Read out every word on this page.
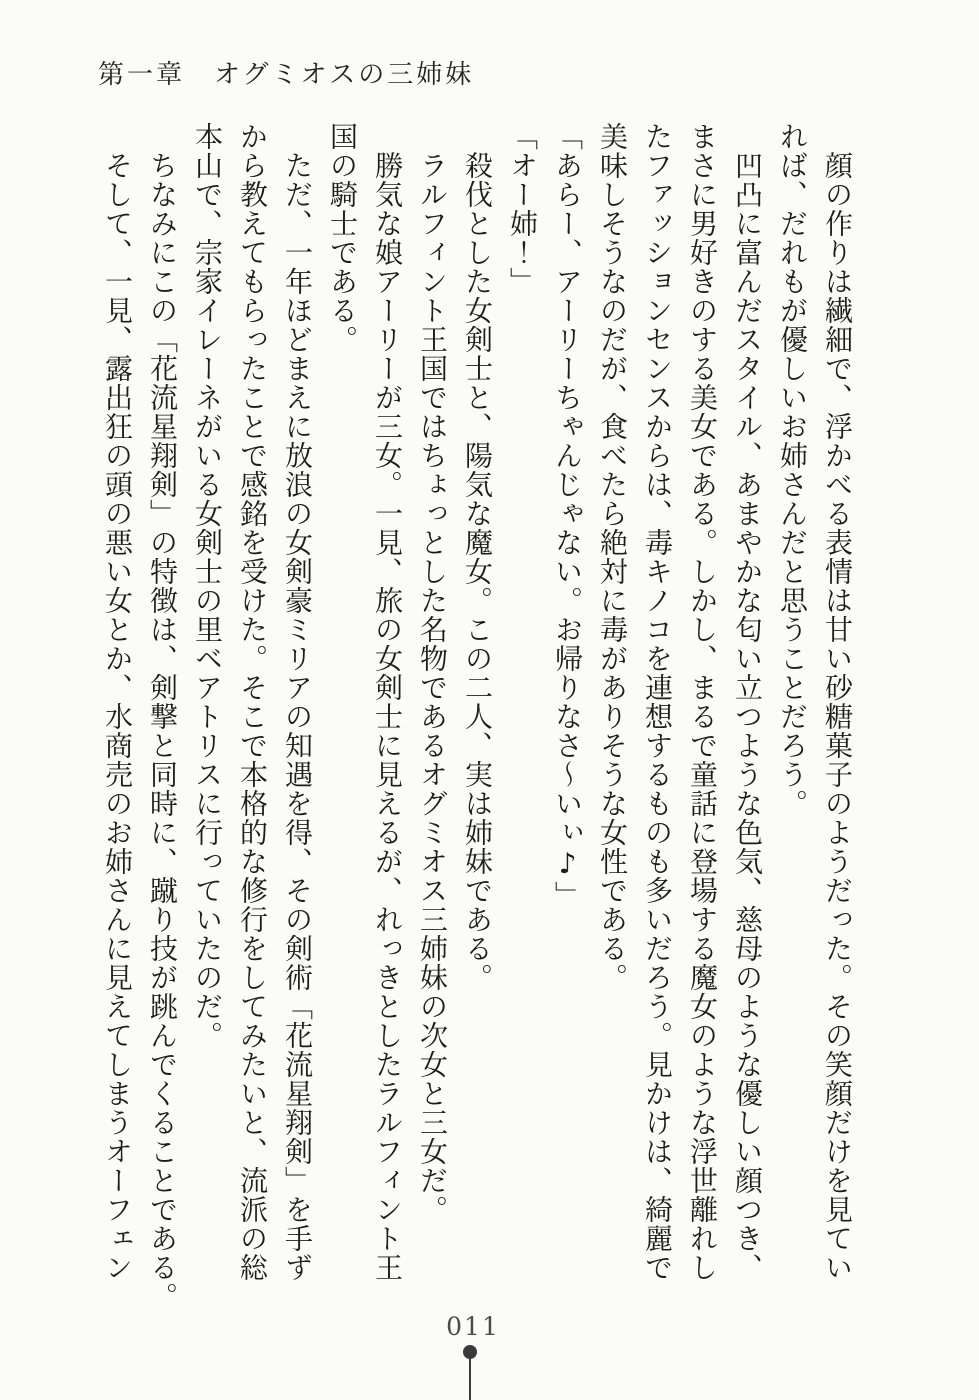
第一章　オグミオスの三姉妹

顔の作りは繊細で、浮かべる表情は甘い砂糖菓子のようだった。その笑顔だけを見てい

れば、だれもが優しいお姉さんだと思うことだろう。

凹凸に富んだスタイル、あまやかな匂い立つような色気、慈母のような優しい顔つき、

まさに男好きのする美女である。しかし、まるで童話に登場する魔女のような浮世離れし

たファッションセンスからは、毒キノコを連想するものも多いだろう。見かけは、綺麗で

美味しそうなのだが、食べたら絶対に毒がありそうな女性である。

「あらー、アーリーちゃんじゃない。お帰りなさ〜いぃ♪」

「オー姉！」

殺伐とした女剣士と、陽気な魔女。この二人、実は姉妹である。

ラルフィント王国ではちょっとした名物であるオグミオス三姉妹の次女と三女だ。

勝気な娘アーリーが三女。一見、旅の女剣士に見えるが、れっきとしたラルフィント王

国の騎士である。

ただ、一年ほどまえに放浪の女剣豪ミリアの知遇を得、その剣術「花流星翔剣」を手ず

から教えてもらったことで感銘を受けた。そこで本格的な修行をしてみたいと、流派の総

本山で、宗家イレーネがいる女剣士の里ベアトリスに行っていたのだ。

ちなみにこの「花流星翔剣」の特徴は、剣撃と同時に、蹴り技が跳んでくることである。

そして、一見、露出狂の頭の悪い女とか、水商売のお姉さんに見えてしまうオーフェン

011
